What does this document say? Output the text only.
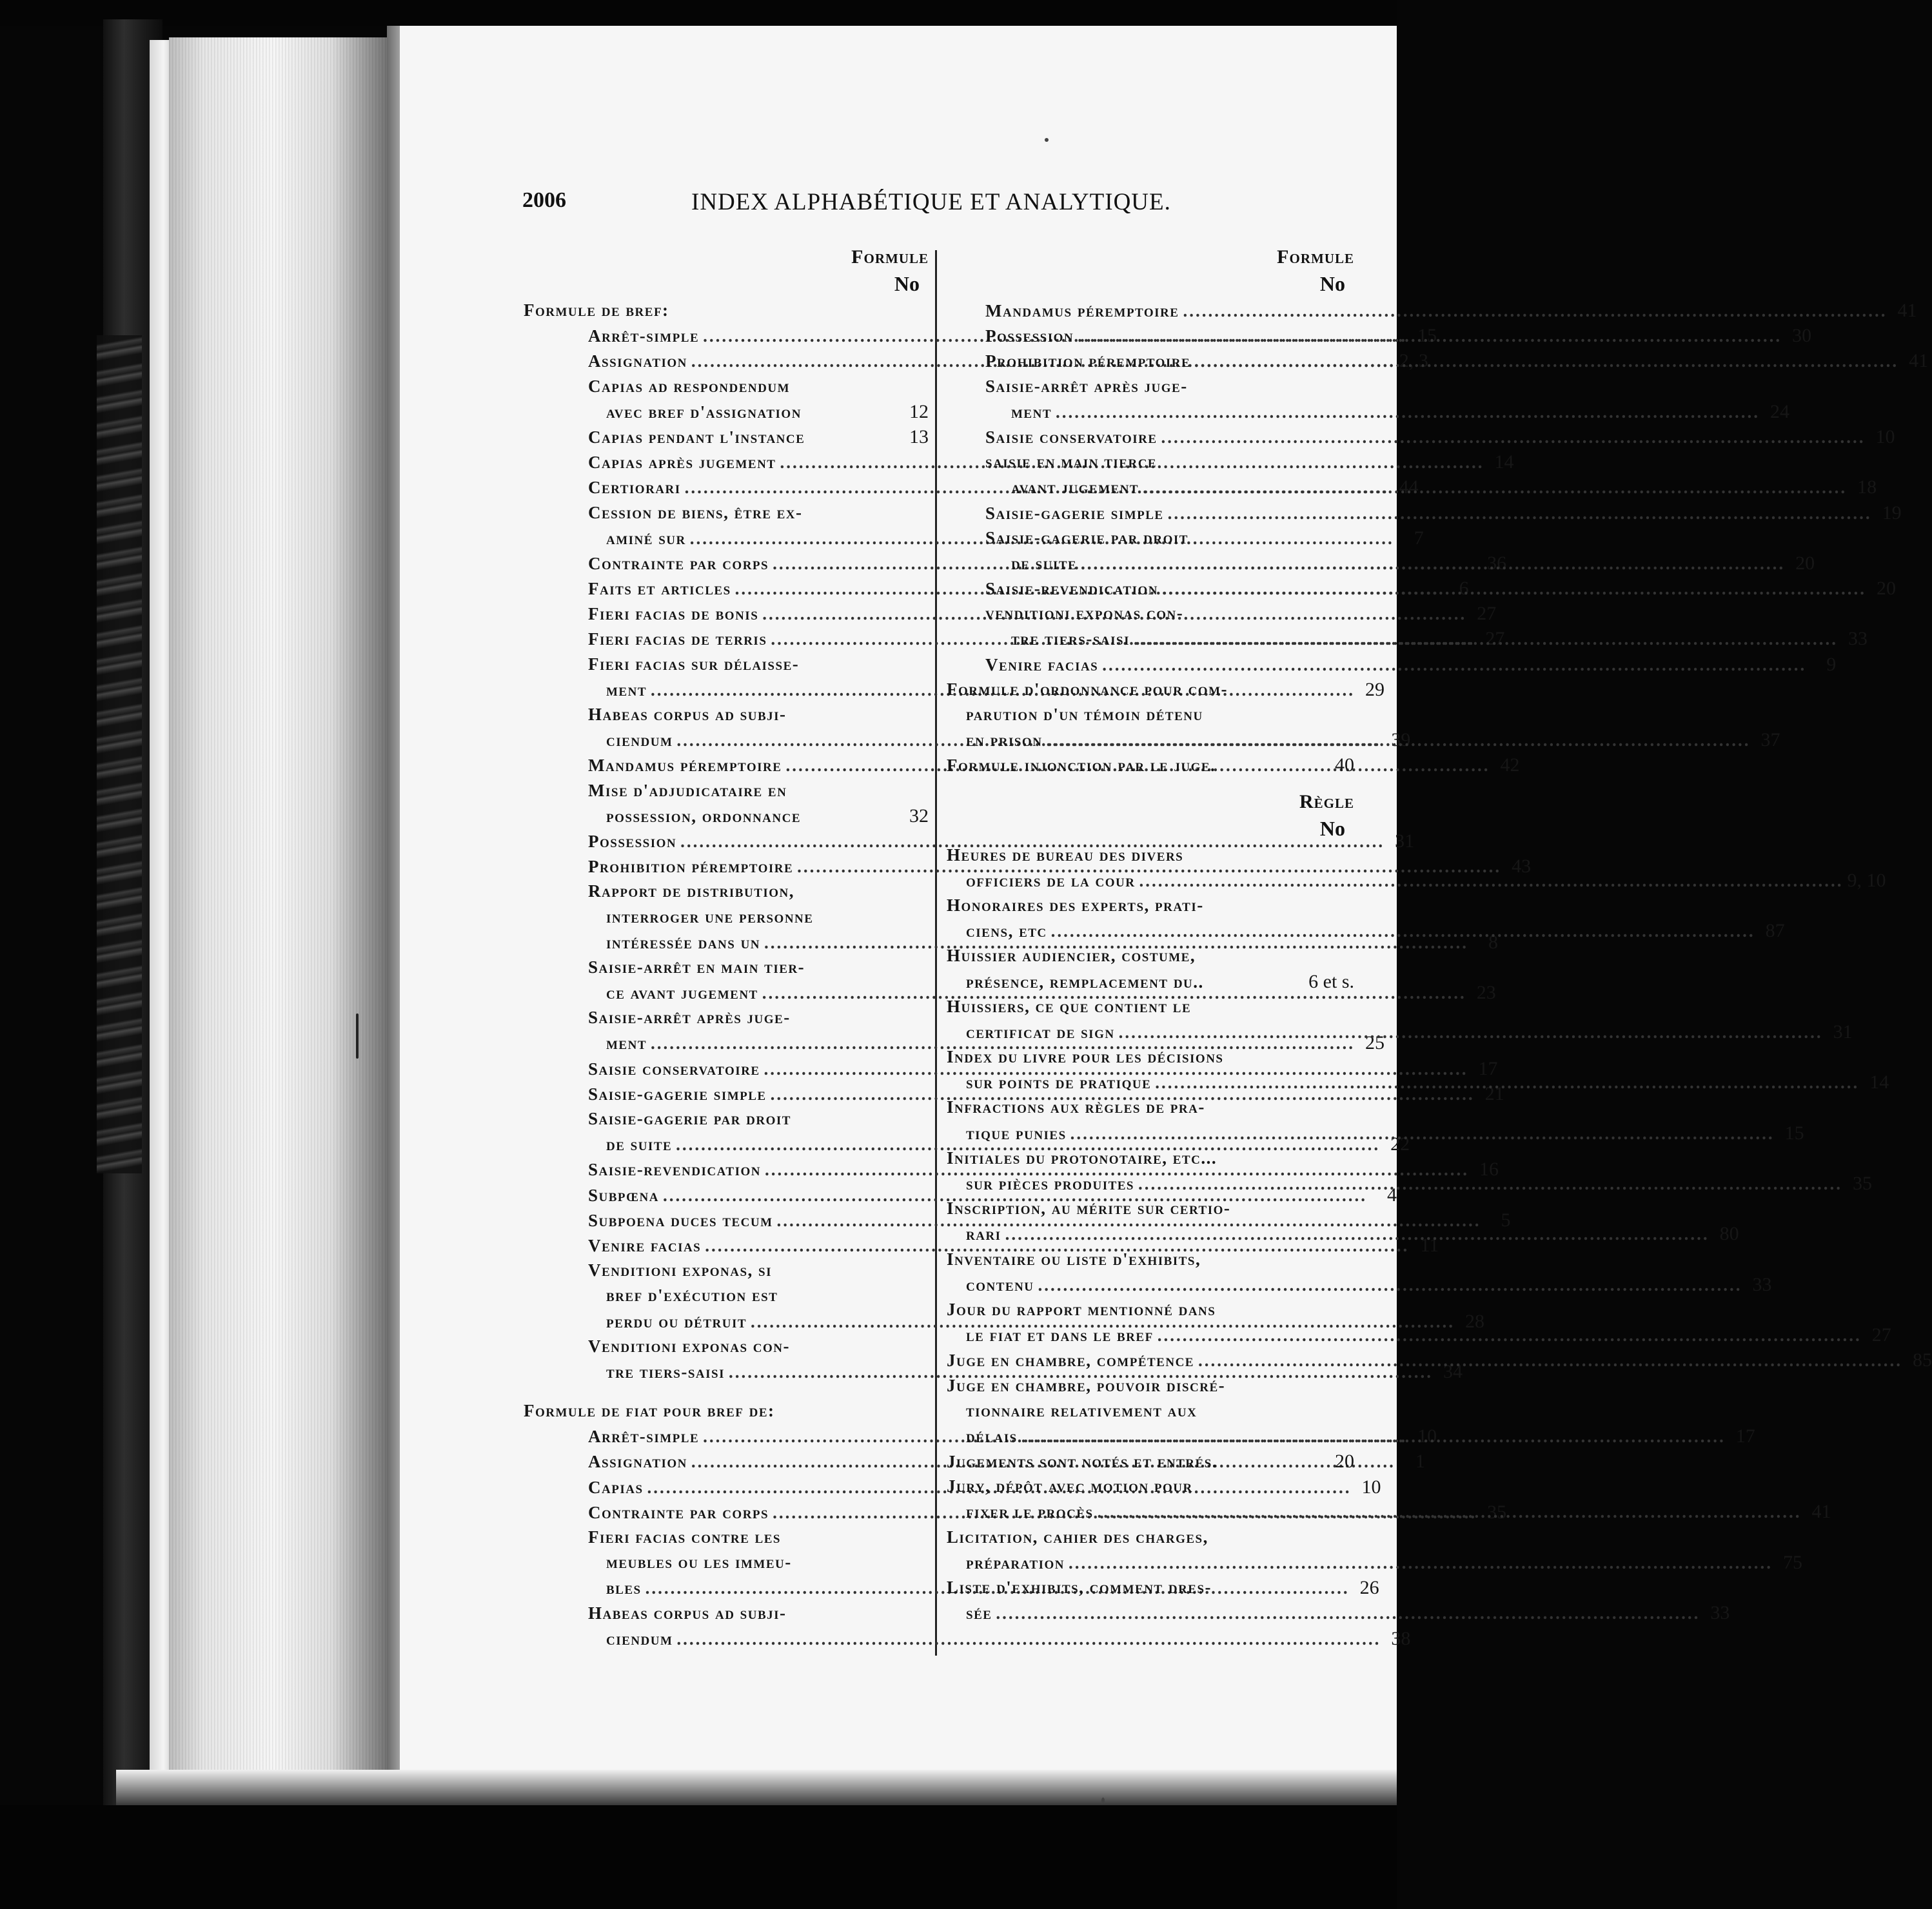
2006	INDEX ALPHABÉTIQUE ET ANALYTIQUE.
Formule
No
Formule de bref:
Arrêt-simple .....	15
Assignation .....	2, 3
Capias ad respondendum
avec bref d'assignation	12
Capias pendant l'instance	13
Capias après jugement .....	14
Certiorari .....	44
Cession de biens, être ex-
aminé sur .....	7
Contrainte par corps .....	36
Faits et articles .....	6
Fieri facias de bonis .....	27
Fieri facias de terris .....	27
Fieri facias sur délaisse-
ment .....	29
Habeas corpus ad subji-
ciendum .....	39
Mandamus péremptoire .....	42
Mise d'adjudicataire en
possession, ordonnance	32
Possession .....	31
Prohibition péremptoire .....	43
Rapport de distribution,
interroger une personne
intéressée dans un .....	8
Saisie-arrêt en main tier-
ce avant jugement .....	23
Saisie-arrêt après juge-
ment .....	25
Saisie conservatoire .....	17
Saisie-gagerie simple .....	21
Saisie-gagerie par droit
de suite .....	22
Saisie-revendication .....	16
Subpœna .....	4
Subpoena duces tecum .....	5
Venire facias .....	11
Venditioni exponas, si
bref d'exécution est
perdu ou détruit .....	28
Venditioni exponas con-
tre tiers-saisi .....	34
Formule de fiat pour bref de:
Arrêt-simple .....	10
Assignation .....	1
Capias .....	10
Contrainte par corps .....	35
Fieri facias contre les
meubles ou les immeu-
bles .....	26
Habeas corpus ad subji-
ciendum .....	38
Formule
No
Mandamus péremptoire .....	41
Possession .....	30
Prohibition péremptoire .....	41
Saisie-arrêt après juge-
ment .....	24
Saisie conservatoire .....	10
saisie en main tierce
avant jugement .....	18
Saisie-gagerie simple .....	19
Saisie-gagerie par droit
de suite .....	20
Saisie-revendication .....	20
venditioni exponas con-
tre tiers-saisi .....	33
Venire facias .....	9
Formule d'ordonnance pour com-
parution d'un témoin détenu
en prison .....	37
Formule injonction par le juge.	40
Règle
No
Heures de bureau des divers
officiers de la cour .....	9, 10
Honoraires des experts, prati-
ciens, etc .....	87
Huissier audiencier, costume,
présence, remplacement du..	6 et s.
Huissiers, ce que contient le
certificat de sign .....	31
Index du livre pour les décisions
sur points de pratique .....	14
Infractions aux règles de pra-
tique punies .....	15
Initiales du protonotaire, etc...
sur pièces produites .....	35
Inscription, au mérite sur certio-
rari .....	80
Inventaire ou liste d'exhibits,
contenu .....	33
Jour du rapport mentionné dans
le fiat et dans le bref .....	27
Juge en chambre, compétence .....	85
Juge en chambre, pouvoir discré-
tionnaire relativement aux
délais .....	17
Jugements sont notés et entrés.	20
Jury, dépôt avec motion pour
fixer le procès .....	41
Licitation, cahier des charges,
préparation .....	75
Liste d'exhibits, comment dres-
sée .....	33
